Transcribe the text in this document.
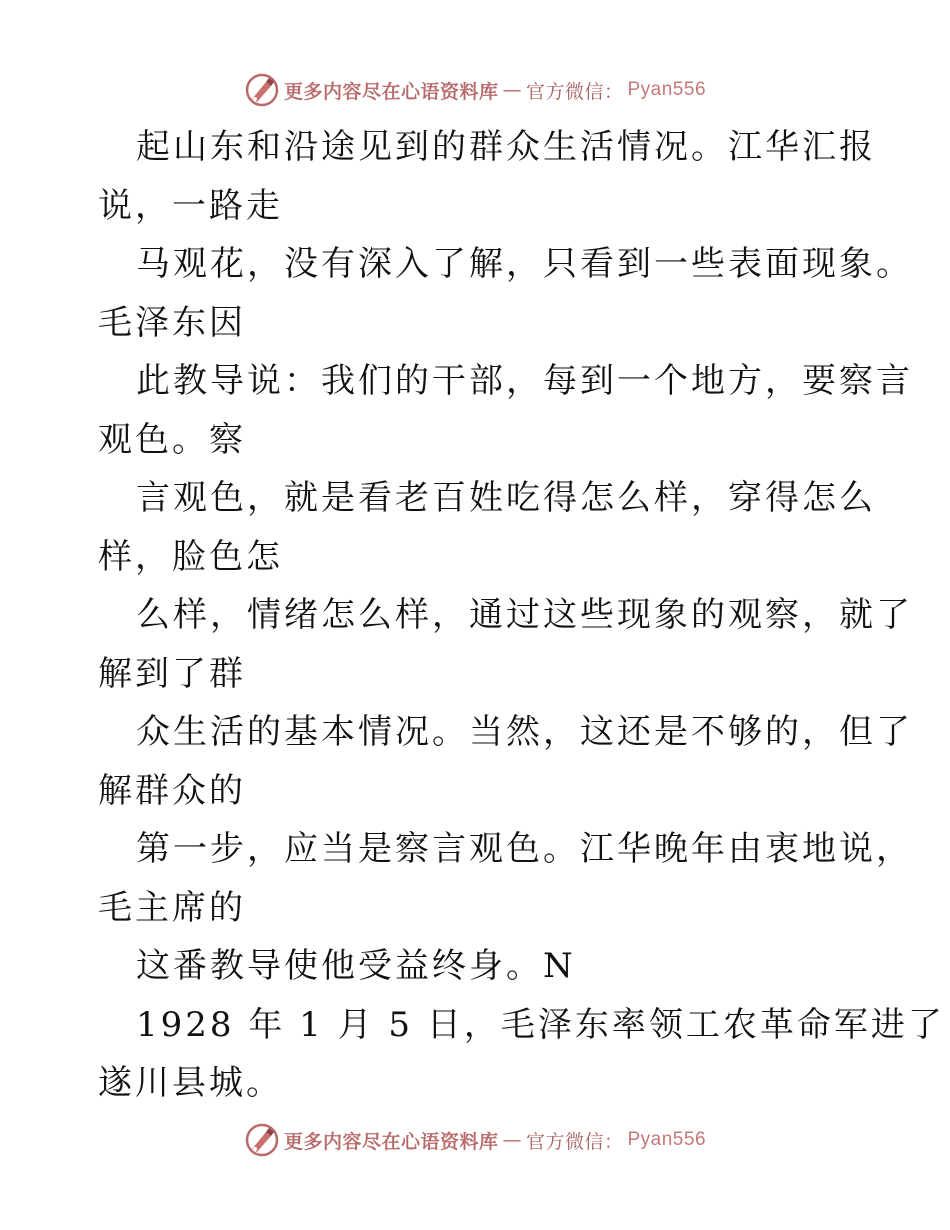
更多内容尽在心语资料库 — 官方微信： Pyan556
起山东和沿途见到的群众生活情况。江华汇报
说，一路走
马观花，没有深入了解，只看到一些表面现象。
毛泽东因
此教导说：我们的干部，每到一个地方，要察言
观色。察
言观色，就是看老百姓吃得怎么样，穿得怎么
样，脸色怎
么样，情绪怎么样，通过这些现象的观察，就了
解到了群
众生活的基本情况。当然，这还是不够的，但了
解群众的
第一步，应当是察言观色。江华晚年由衷地说，
毛主席的
这番教导使他受益终身。N
1928 年 1 月 5 日，毛泽东率领工农革命军进了
遂川县城。
更多内容尽在心语资料库 — 官方微信： Pyan556
